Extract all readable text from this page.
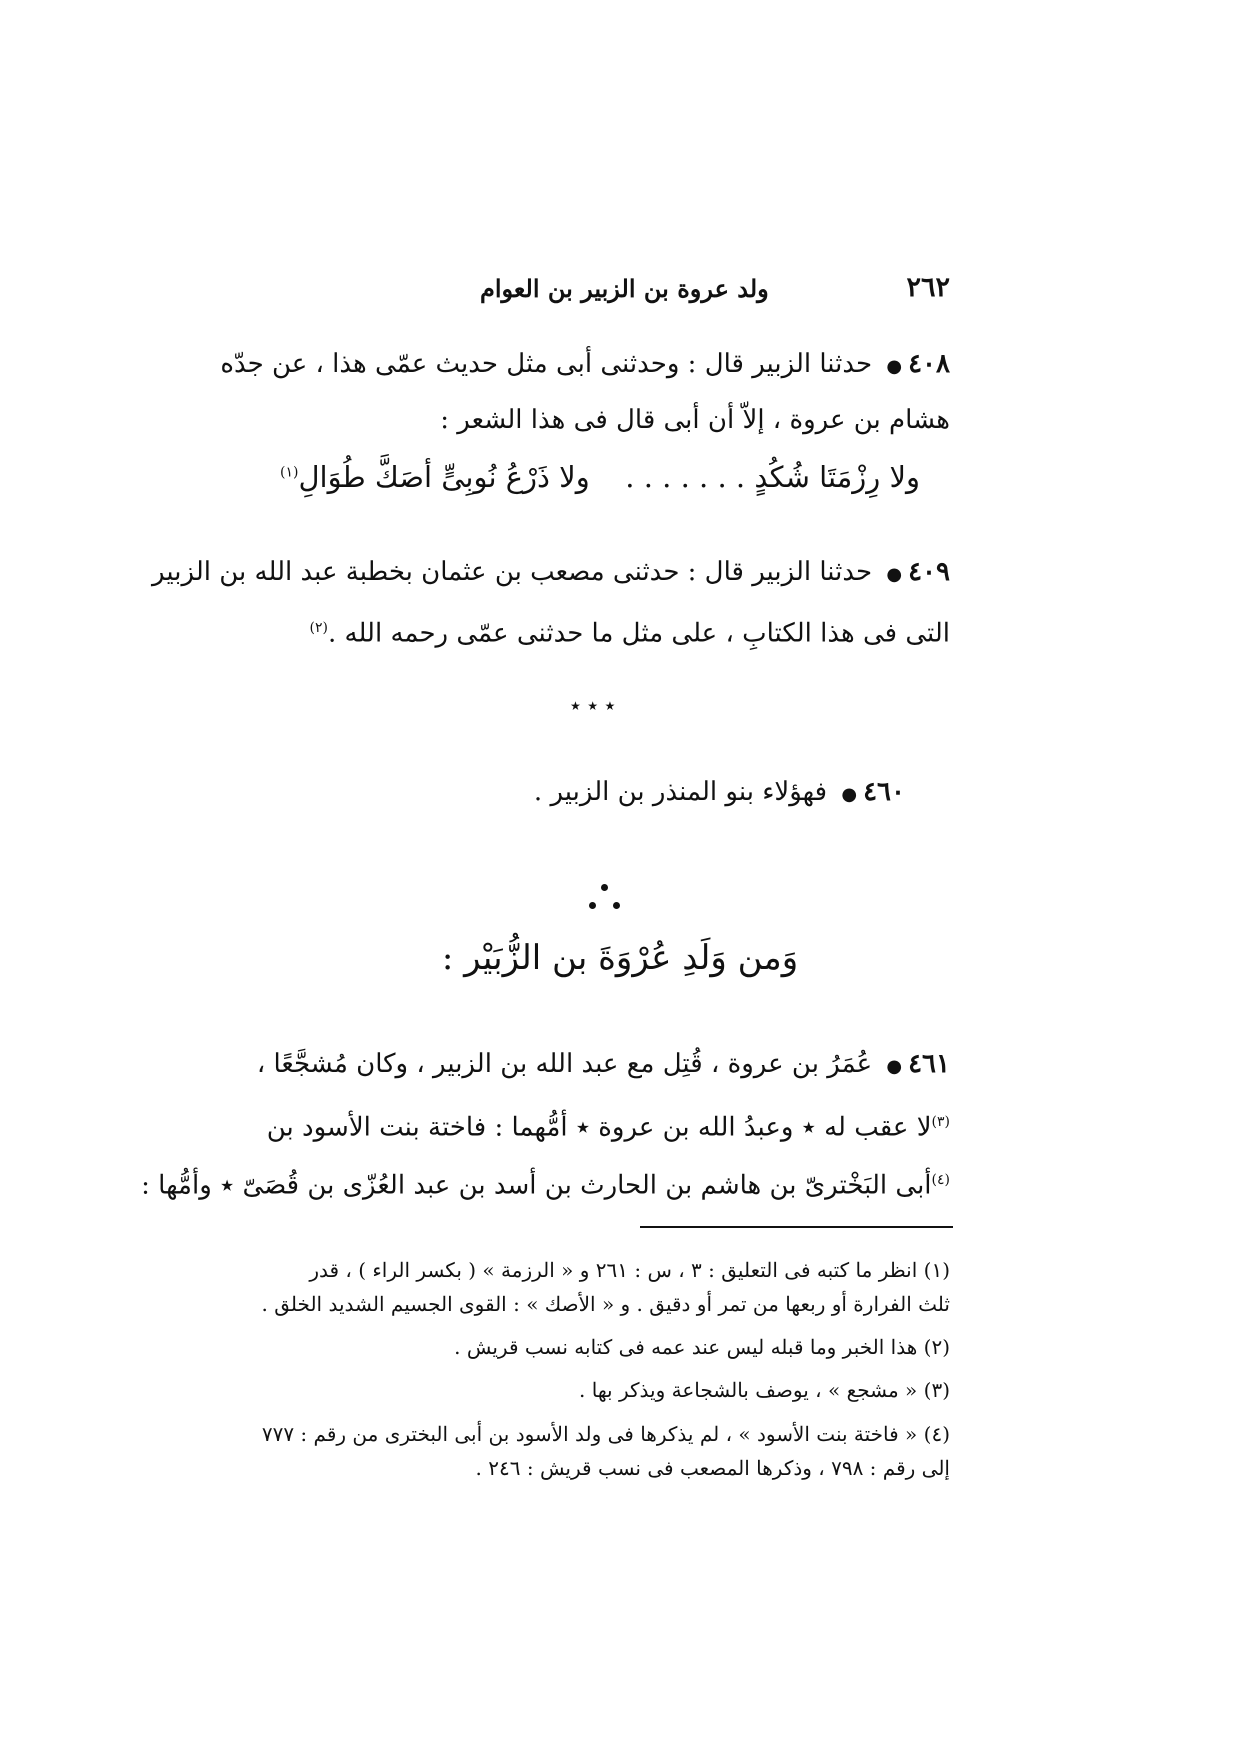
٢٦٢
ولد عروة بن الزبير بن العوام
٤٠٨● حدثنا الزبير قال : وحدثنى أبى مثل حديث عمّى هذا ، عن جدّه
هشام بن عروة ، إلاّ أن أبى قال فى هذا الشعر :
ولا رِزْمَتَا شُكُدٍ . . . . . . .
ولا ذَرْعُ نُوبِىٍّ أصَكَّ طُوَالِ$^{(١)}$
٤٠٩● حدثنا الزبير قال : حدثنى مصعب بن عثمان بخطبة عبد الله بن الزبير
التى فى هذا الكتابِ ، على مثل ما حدثنى عمّى رحمه الله .$^{(٢)}$
٭ ٭ ٭
٤٦٠● فهؤلاء بنو المنذر بن الزبير .
وَمن وَلَدِ عُرْوَةَ بن الزُّبَيْر :
٤٦١● عُمَرُ بن عروة ، قُتِل مع عبد الله بن الزبير ، وكان مُشجَّعًا ،
$^{(٣)}$لا عقب له ٭ وعبدُ الله بن عروة ٭ أمُّهما : فاختة بنت الأسود بن
$^{(٤)}$أبى البَخْترىّ بن هاشم بن الحارث بن أسد بن عبد العُزّى بن قُصَىّ ٭ وأمُّها :
(١) انظر ما كتبه فى التعليق : ٣ ، س : ٢٦١ و « الرزمة » ( بكسر الراء ) ، قدر
ثلث الفرارة أو ربعها من تمر أو دقيق . و « الأصك » : القوى الجسيم الشديد الخلق .
(٢) هذا الخبر وما قبله ليس عند عمه فى كتابه نسب قريش .
(٣) « مشجع » ، يوصف بالشجاعة ويذكر بها .
(٤) « فاختة بنت الأسود » ، لم يذكرها فى ولد الأسود بن أبى البخترى من رقم : ٧٧٧
إلى رقم : ٧٩٨ ، وذكرها المصعب فى نسب قريش : ٢٤٦ .
